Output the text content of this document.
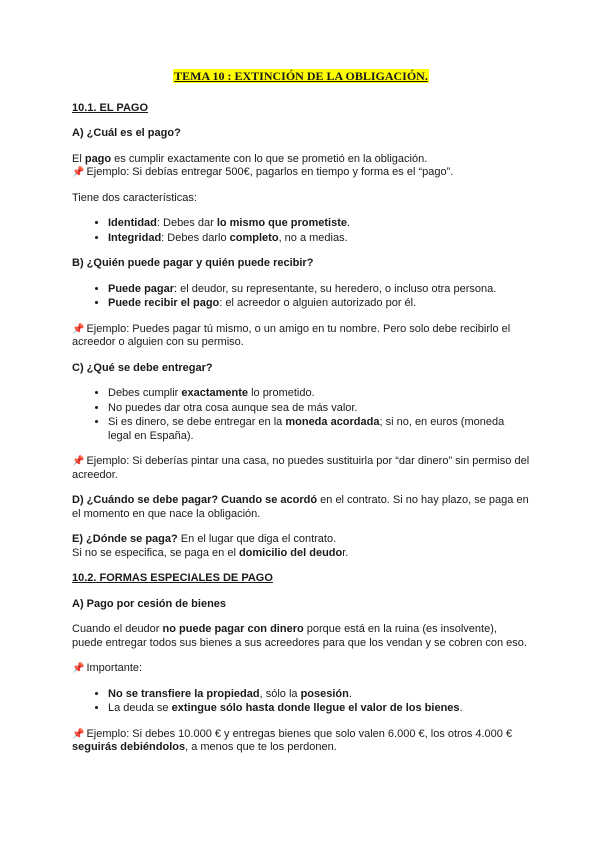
TEMA 10 : EXTINCIÓN DE LA OBLIGACIÓN.
10.1. EL PAGO
A) ¿Cuál es el pago?

El pago es cumplir exactamente con lo que se prometió en la obligación.
📌 Ejemplo: Si debías entregar 500€, pagarlos en tiempo y forma es el “pago”.

Tiene dos características:

• Identidad: Debes dar lo mismo que prometiste.
• Integridad: Debes darlo completo, no a medias.
B) ¿Quién puede pagar y quién puede recibir?
• Puede pagar: el deudor, su representante, su heredero, o incluso otra persona.
• Puede recibir el pago: el acreedor o alguien autorizado por él.

📌 Ejemplo: Puedes pagar tú mismo, o un amigo en tu nombre. Pero solo debe recibirlo el acreedor o alguien con su permiso.

C) ¿Qué se debe entregar?
• Debes cumplir exactamente lo prometido.
• No puedes dar otra cosa aunque sea de más valor.
• Si es dinero, se debe entregar en la moneda acordada; si no, en euros (moneda legal en España).

📌 Ejemplo: Si deberías pintar una casa, no puedes sustituirla por “dar dinero” sin permiso del acreedor.

D) ¿Cuándo se debe pagar? Cuando se acordó en el contrato. Si no hay plazo, se paga en el momento en que nace la obligación.

E) ¿Dónde se paga? En el lugar que diga el contrato.
Si no se especifica, se paga en el domicilio del deudor.

10.2. FORMAS ESPECIALES DE PAGO
A) Pago por cesión de bienes

Cuando el deudor no puede pagar con dinero porque está en la ruina (es insolvente), puede entregar todos sus bienes a sus acreedores para que los vendan y se cobren con eso.

📌 Importante:

• No se transfiere la propiedad, sólo la posesión.
• La deuda se extingue sólo hasta donde llegue el valor de los bienes.

📌 Ejemplo: Si debes 10.000 € y entregas bienes que solo valen 6.000 €, los otros 4.000 € seguirás debiéndolos, a menos que te los perdonen.
